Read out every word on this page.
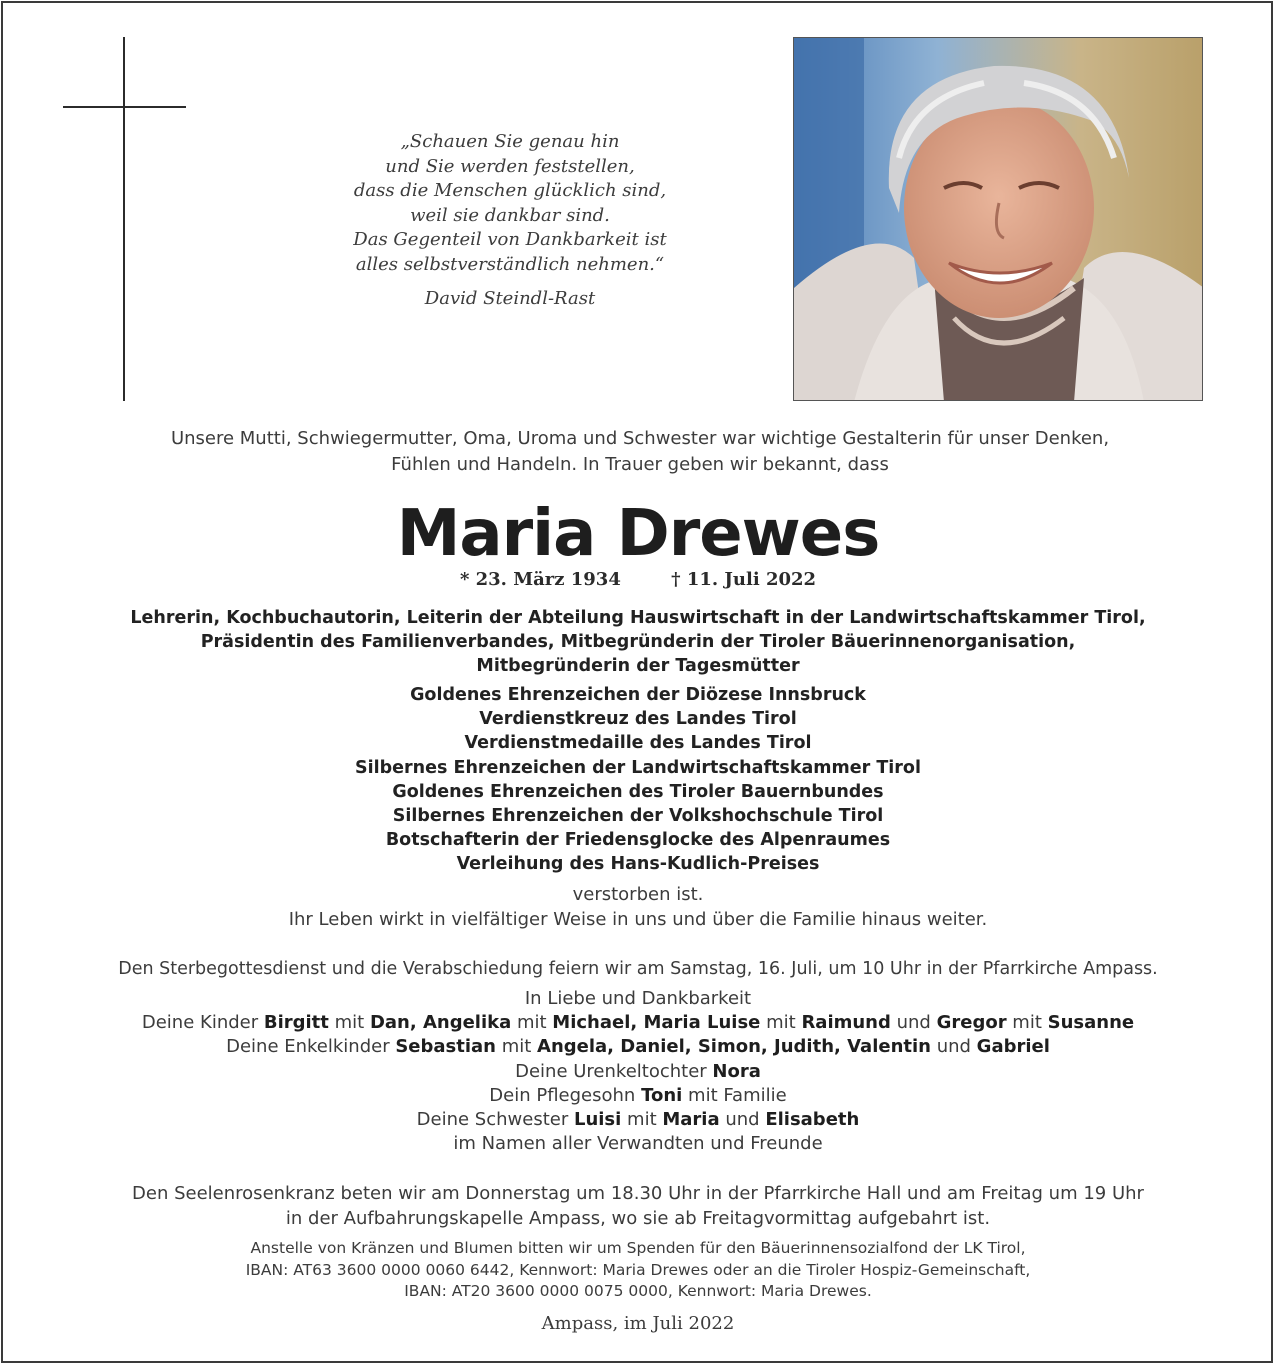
„Schauen Sie genau hin
und Sie werden feststellen,
dass die Menschen glücklich sind,
weil sie dankbar sind.
Das Gegenteil von Dankbarkeit ist
alles selbstverständlich nehmen.“
David Steindl-Rast
Unsere Mutti, Schwiegermutter, Oma, Uroma und Schwester war wichtige Gestalterin für unser Denken,
Fühlen und Handeln. In Trauer geben wir bekannt, dass
Maria Drewes
* 23. März 1934	† 11. Juli 2022
Lehrerin, Kochbuchautorin, Leiterin der Abteilung Hauswirtschaft in der Landwirtschaftskammer Tirol,
Präsidentin des Familienverbandes, Mitbegründerin der Tiroler Bäuerinnenorganisation,
Mitbegründerin der Tagesmütter
Goldenes Ehrenzeichen der Diözese Innsbruck
Verdienstkreuz des Landes Tirol
Verdienstmedaille des Landes Tirol
Silbernes Ehrenzeichen der Landwirtschaftskammer Tirol
Goldenes Ehrenzeichen des Tiroler Bauernbundes
Silbernes Ehrenzeichen der Volkshochschule Tirol
Botschafterin der Friedensglocke des Alpenraumes
Verleihung des Hans-Kudlich-Preises
verstorben ist.
Ihr Leben wirkt in vielfältiger Weise in uns und über die Familie hinaus weiter.
Den Sterbegottesdienst und die Verabschiedung feiern wir am Samstag, 16. Juli, um 10 Uhr in der Pfarrkirche Ampass.
In Liebe und Dankbarkeit
Deine Kinder Birgitt mit Dan, Angelika mit Michael, Maria Luise mit Raimund und Gregor mit Susanne
Deine Enkelkinder Sebastian mit Angela, Daniel, Simon, Judith, Valentin und Gabriel
Deine Urenkeltochter Nora
Dein Pflegesohn Toni mit Familie
Deine Schwester Luisi mit Maria und Elisabeth
im Namen aller Verwandten und Freunde
Den Seelenrosenkranz beten wir am Donnerstag um 18.30 Uhr in der Pfarrkirche Hall und am Freitag um 19 Uhr
in der Aufbahrungskapelle Ampass, wo sie ab Freitagvormittag aufgebahrt ist.
Anstelle von Kränzen und Blumen bitten wir um Spenden für den Bäuerinnensozialfond der LK Tirol,
IBAN: AT63 3600 0000 0060 6442, Kennwort: Maria Drewes oder an die Tiroler Hospiz-Gemeinschaft,
IBAN: AT20 3600 0000 0075 0000, Kennwort: Maria Drewes.
Ampass, im Juli 2022
